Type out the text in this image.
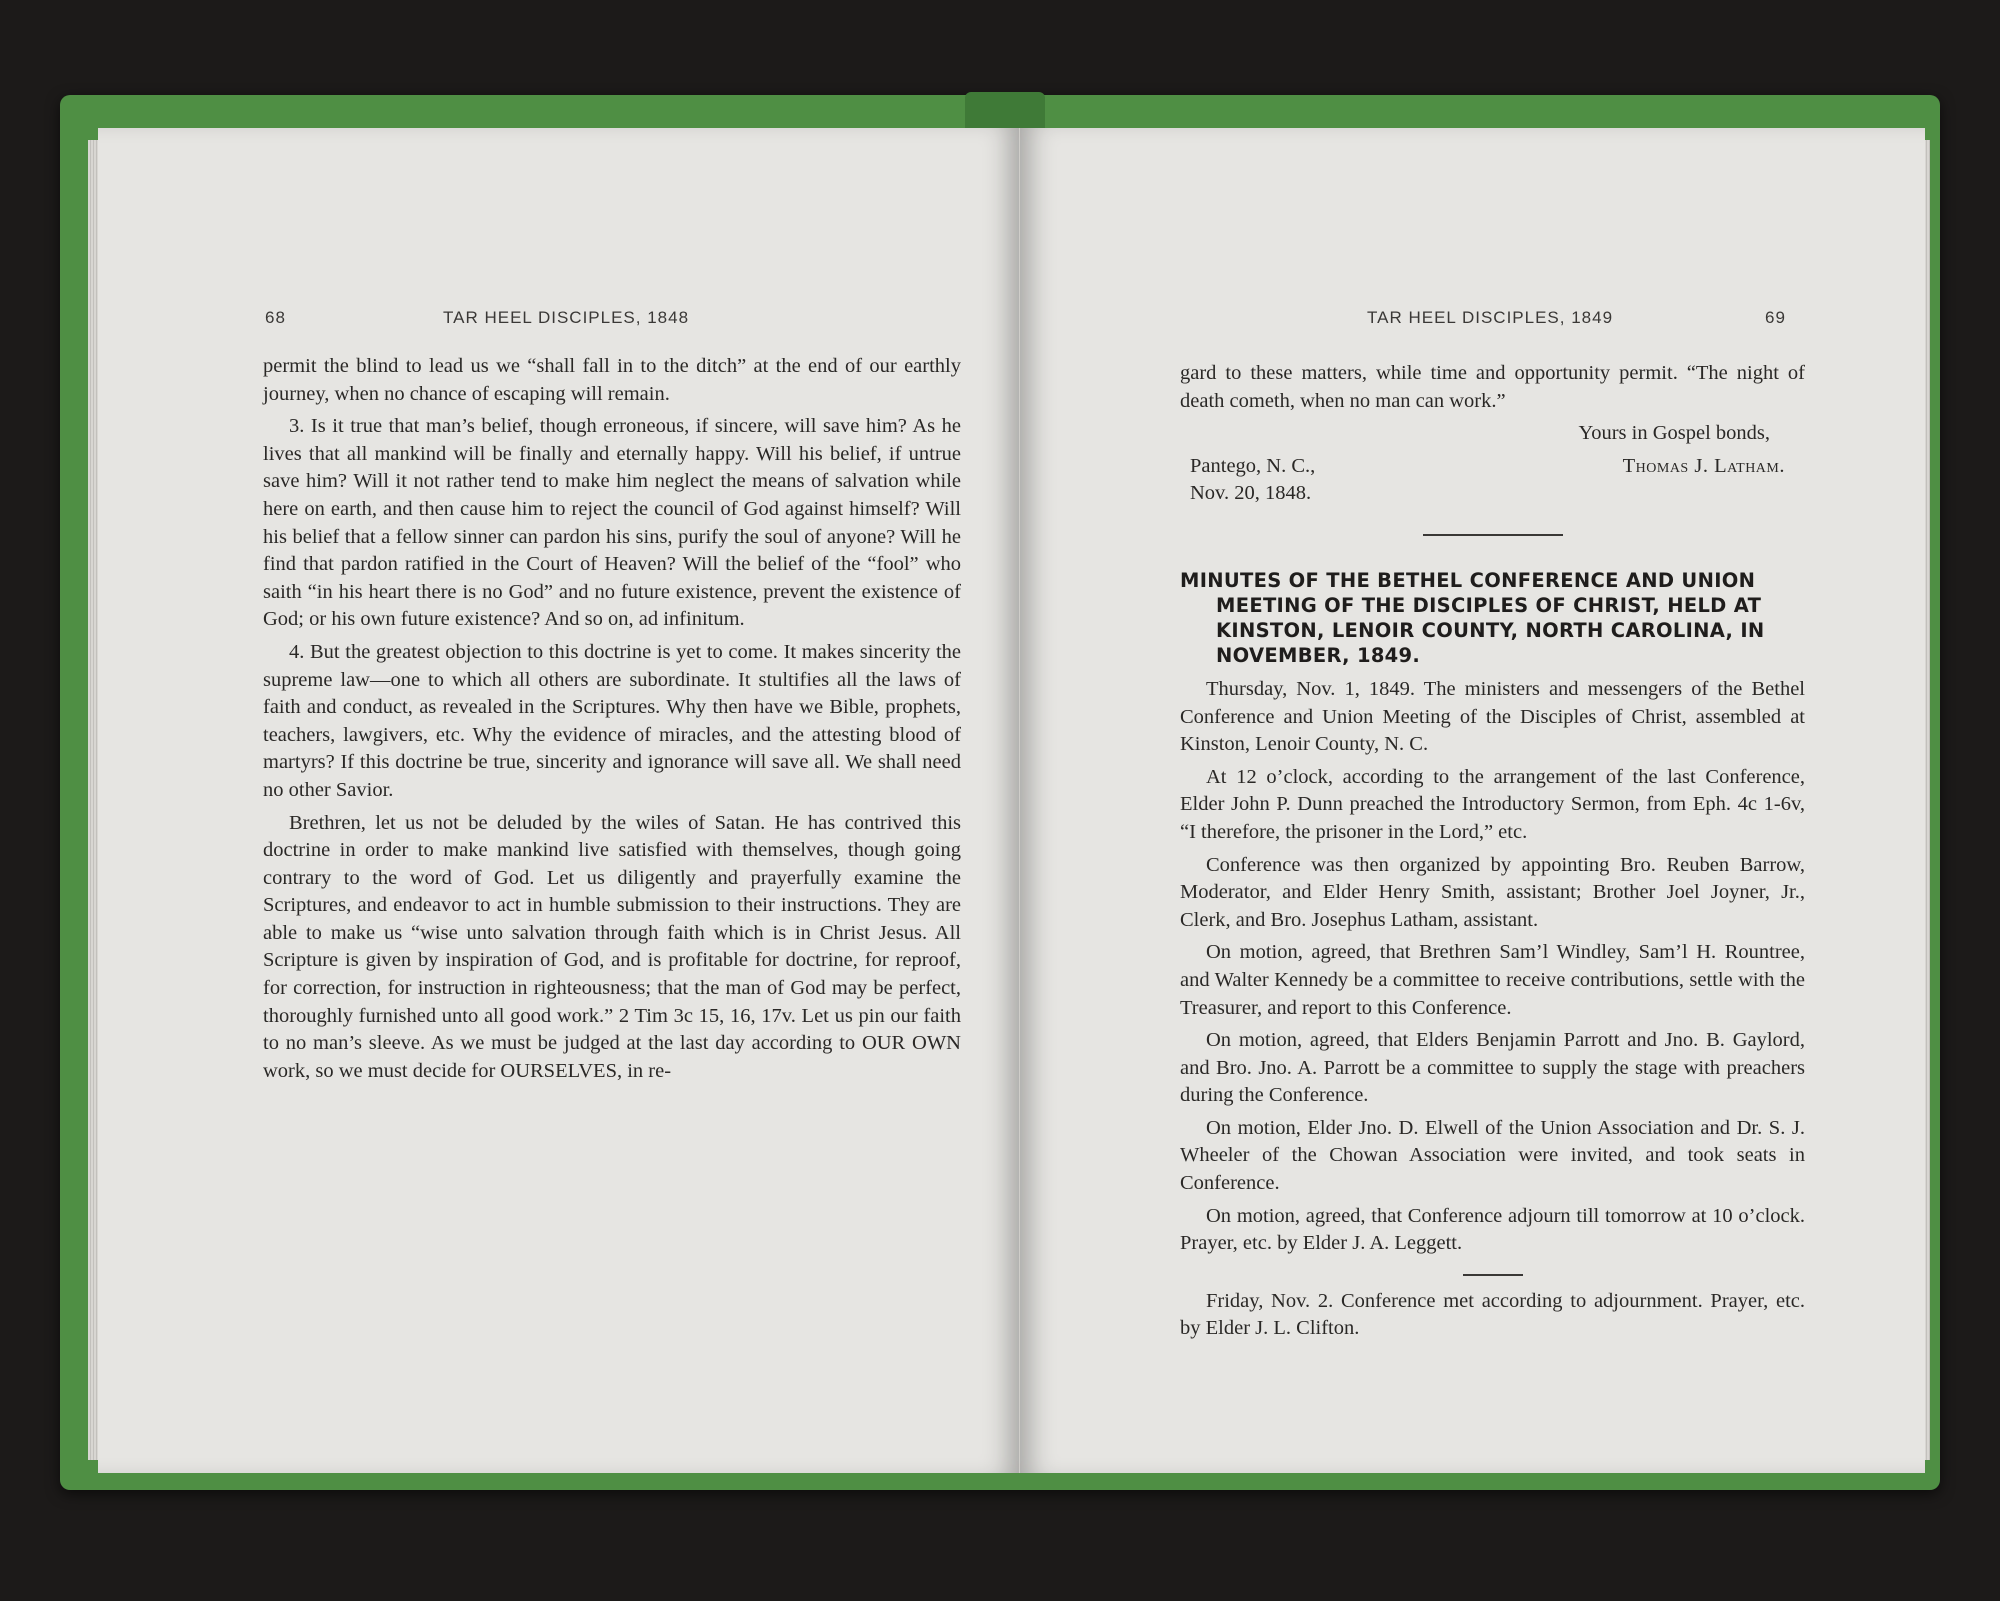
68	TAR HEEL DISCIPLES, 1848

permit the blind to lead us we “shall fall in to the ditch” at the end of our earthly journey, when no chance of escaping will remain.

3. Is it true that man’s belief, though erroneous, if sincere, will save him? As he lives that all mankind will be finally and eternally happy. Will his belief, if untrue save him? Will it not rather tend to make him neglect the means of salvation while here on earth, and then cause him to reject the council of God against himself? Will his belief that a fellow sinner can pardon his sins, purify the soul of anyone? Will he find that pardon ratified in the Court of Heaven? Will the belief of the “fool” who saith “in his heart there is no God” and no future existence, prevent the existence of God; or his own future existence? And so on, ad infinitum.

4. But the greatest objection to this doctrine is yet to come. It makes sincerity the supreme law—one to which all others are subordinate. It stultifies all the laws of faith and conduct, as revealed in the Scriptures. Why then have we Bible, prophets, teachers, lawgivers, etc. Why the evidence of miracles, and the attesting blood of martyrs? If this doctrine be true, sincerity and ignorance will save all. We shall need no other Savior.

Brethren, let us not be deluded by the wiles of Satan. He has contrived this doctrine in order to make mankind live satisfied with themselves, though going contrary to the word of God. Let us diligently and prayerfully examine the Scriptures, and endeavor to act in humble submission to their instructions. They are able to make us “wise unto salvation through faith which is in Christ Jesus. All Scripture is given by inspiration of God, and is profitable for doctrine, for reproof, for correction, for instruction in righteousness; that the man of God may be perfect, thoroughly furnished unto all good work.” 2 Tim 3c 15, 16, 17v. Let us pin our faith to no man’s sleeve. As we must be judged at the last day according to OUR OWN work, so we must decide for OURSELVES, in re-

TAR HEEL DISCIPLES, 1849	69

gard to these matters, while time and opportunity permit. “The night of death cometh, when no man can work.”

Yours in Gospel bonds,

Pantego, N. C.,	Thomas J. Latham.

Nov. 20, 1848.

MINUTES OF THE BETHEL CONFERENCE AND UNION MEETING OF THE DISCIPLES OF CHRIST, HELD AT KINSTON, LENOIR COUNTY, NORTH CAROLINA, IN NOVEMBER, 1849.

Thursday, Nov. 1, 1849. The ministers and messengers of the Bethel Conference and Union Meeting of the Disciples of Christ, assembled at Kinston, Lenoir County, N. C.

At 12 o’clock, according to the arrangement of the last Conference, Elder John P. Dunn preached the Introductory Sermon, from Eph. 4c 1-6v, “I therefore, the prisoner in the Lord,” etc.

Conference was then organized by appointing Bro. Reuben Barrow, Moderator, and Elder Henry Smith, assistant; Brother Joel Joyner, Jr., Clerk, and Bro. Josephus Latham, assistant.

On motion, agreed, that Brethren Sam’l Windley, Sam’l H. Rountree, and Walter Kennedy be a committee to receive contributions, settle with the Treasurer, and report to this Conference.

On motion, agreed, that Elders Benjamin Parrott and Jno. B. Gaylord, and Bro. Jno. A. Parrott be a committee to supply the stage with preachers during the Conference.

On motion, Elder Jno. D. Elwell of the Union Association and Dr. S. J. Wheeler of the Chowan Association were invited, and took seats in Conference.

On motion, agreed, that Conference adjourn till tomorrow at 10 o’clock. Prayer, etc. by Elder J. A. Leggett.

Friday, Nov. 2. Conference met according to adjournment. Prayer, etc. by Elder J. L. Clifton.
